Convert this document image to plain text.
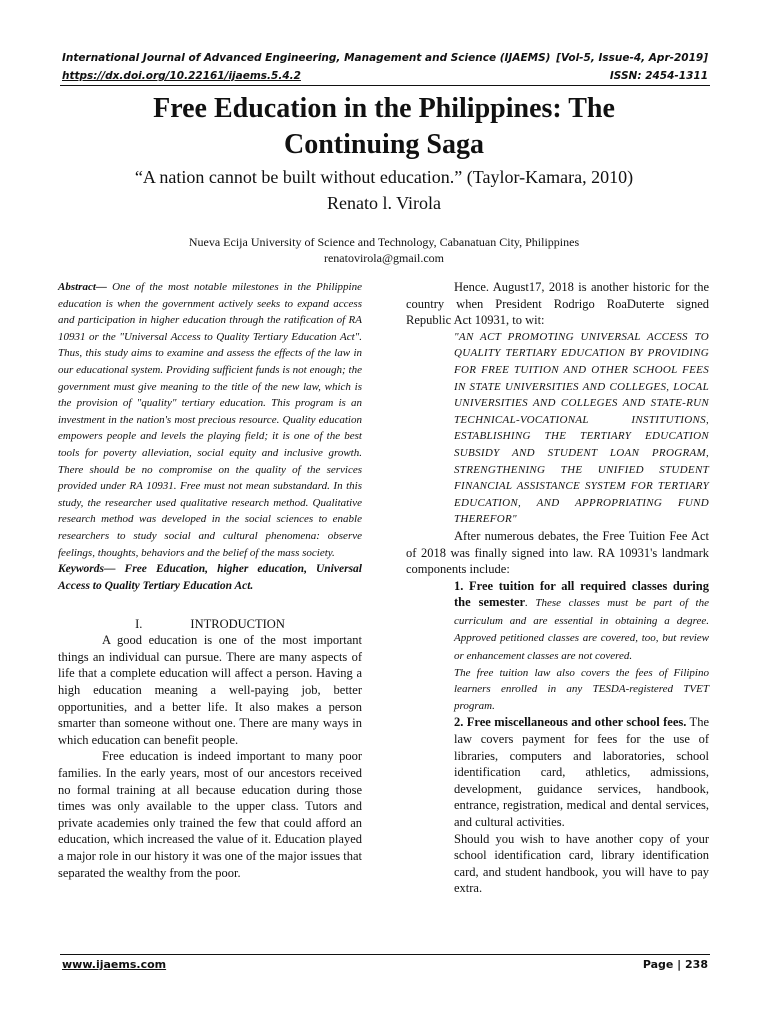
International Journal of Advanced Engineering, Management and Science (IJAEMS) [Vol-5, Issue-4, Apr-2019]
https://dx.doi.org/10.22161/ijaems.5.4.2	ISSN: 2454-1311
Free Education in the Philippines: The
Continuing Saga
“A nation cannot be built without education.” (Taylor-Kamara, 2010)
Renato l. Virola
Nueva Ecija University of Science and Technology, Cabanatuan City, Philippines
renatovirola@gmail.com

Abstract— One of the most notable milestones in the Philippine education is when the government actively seeks to expand access and participation in higher education through the ratification of RA 10931 or the "Universal Access to Quality Tertiary Education Act". Thus, this study aims to examine and assess the effects of the law in our educational system. Providing sufficient funds is not enough; the government must give meaning to the title of the new law, which is the provision of "quality" tertiary education. This program is an investment in the nation's most precious resource. Quality education empowers people and levels the playing field; it is one of the best tools for poverty alleviation, social equity and inclusive growth. There should be no compromise on the quality of the services provided under RA 10931. Free must not mean substandard. In this study, the researcher used qualitative research method. Qualitative research method was developed in the social sciences to enable researchers to study social and cultural phenomena: observe feelings, thoughts, behaviors and the belief of the mass society.

Keywords— Free Education, higher education, Universal Access to Quality Tertiary Education Act.

I.	INTRODUCTION

A good education is one of the most important things an individual can pursue. There are many aspects of life that a complete education will affect a person. Having a high education meaning a well-paying job, better opportunities, and a better life. It also makes a person smarter than someone without one. There are many ways in which education can benefit people.

Free education is indeed important to many poor families. In the early years, most of our ancestors received no formal training at all because education during those times was only available to the upper class. Tutors and private academies only trained the few that could afford an education, which increased the value of it. Education played a major role in our history it was one of the major issues that separated the wealthy from the poor.

Hence. August17, 2018 is another historic for the country when President Rodrigo RoaDuterte signed Republic Act 10931, to wit:

"AN ACT PROMOTING UNIVERSAL ACCESS TO QUALITY TERTIARY EDUCATION BY PROVIDING FOR FREE TUITION AND OTHER SCHOOL FEES IN STATE UNIVERSITIES AND COLLEGES, LOCAL UNIVERSITIES AND COLLEGES AND STATE-RUN TECHNICAL-VOCATIONAL INSTITUTIONS, ESTABLISHING THE TERTIARY EDUCATION SUBSIDY AND STUDENT LOAN PROGRAM, STRENGTHENING THE UNIFIED STUDENT FINANCIAL ASSISTANCE SYSTEM FOR TERTIARY EDUCATION, AND APPROPRIATING FUND THEREFOR"

After numerous debates, the Free Tuition Fee Act of 2018 was finally signed into law. RA 10931's landmark components include:

1. Free tuition for all required classes during the semester. These classes must be part of the curriculum and are essential in obtaining a degree. Approved petitioned classes are covered, too, but review or enhancement classes are not covered.

The free tuition law also covers the fees of Filipino learners enrolled in any TESDA-registered TVET program.

2. Free miscellaneous and other school fees. The law covers payment for fees for the use of libraries, computers and laboratories, school identification card, athletics, admissions, development, guidance services, handbook, entrance, registration, medical and dental services, and cultural activities.

Should you wish to have another copy of your school identification card, library identification card, and student handbook, you will have to pay extra.

www.ijaems.com	Page | 238
